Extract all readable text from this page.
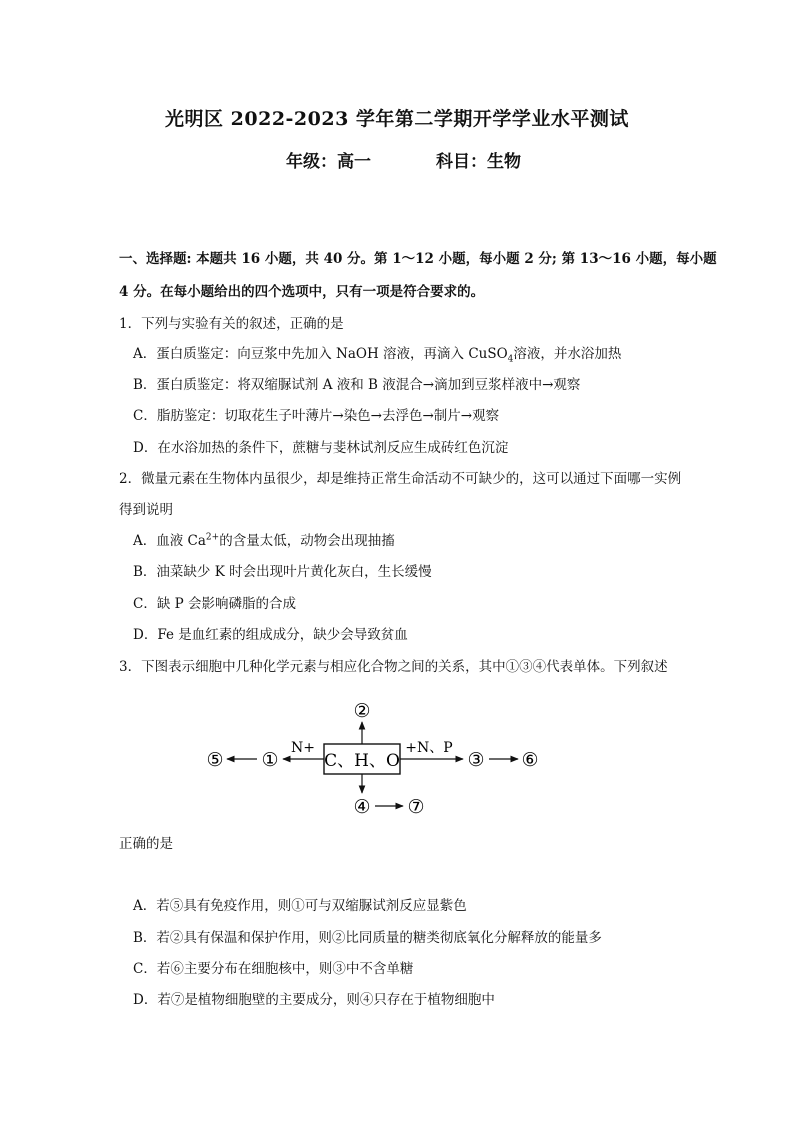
光明区 2022-2023 学年第二学期开学学业水平测试
年级：高一	科目：生物
一、选择题: 本题共 16 小题，共 40 分。第 1～12 小题，每小题 2 分; 第 13～16 小题，每小题
4 分。在每小题给出的四个选项中，只有一项是符合要求的。
1．下列与实验有关的叙述，正确的是
A．蛋白质鉴定：向豆浆中先加入 NaOH 溶液，再滴入 CuSO$_4$溶液，并水浴加热
B．蛋白质鉴定：将双缩脲试剂 A 液和 B 液混合→滴加到豆浆样液中→观察
C．脂肪鉴定：切取花生子叶薄片→染色→去浮色→制片→观察
D．在水浴加热的条件下，蔗糖与斐林试剂反应生成砖红色沉淀
2．微量元素在生物体内虽很少，却是维持正常生命活动不可缺少的，这可以通过下面哪一实例
得到说明
A．血液 $Ca^{2+}$的含量太低，动物会出现抽搐
B．油菜缺少 K 时会出现叶片黄化灰白，生长缓慢
C．缺 P 会影响磷脂的合成
D．Fe 是血红素的组成成分，缺少会导致贫血
3．下图表示细胞中几种化学元素与相应化合物之间的关系，其中①③④代表单体。下列叙述
C、H、O
②
N+
①
⑤
+N、P
③ ⑥
④ ⑦
正确的是
A．若⑤具有免疫作用，则①可与双缩脲试剂反应显紫色
B．若②具有保温和保护作用，则②比同质量的糖类彻底氧化分解释放的能量多
C．若⑥主要分布在细胞核中，则③中不含单糖
D．若⑦是植物细胞壁的主要成分，则④只存在于植物细胞中
